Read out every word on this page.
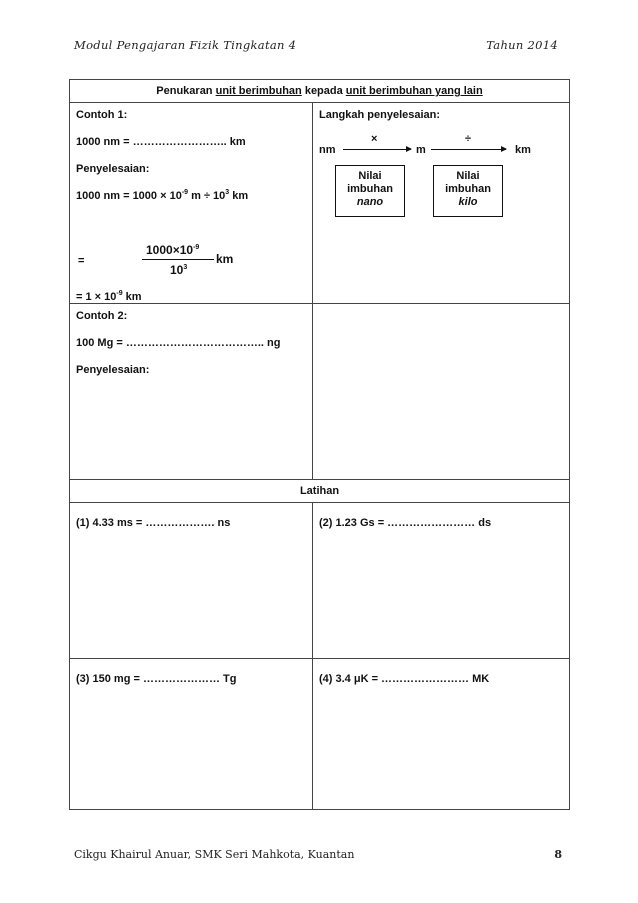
Modul Pengajaran Fizik Tingkatan 4	Tahun 2014
Penukaran unit berimbuhan kepada unit berimbuhan yang lain
Contoh 1:
1000 nm = …………………….. km
Penyelesaian:
1000 nm = $1000 \times 10^{-9}$ $m \div 10^3$ km
=
$1000\times 10^{-9}$
$10^3$
km
= $1 \times 10^{-9}$ km
Langkah penyelesaian:
nm
×
m
÷
km
Nilai
imbuhan
nano
Nilai
imbuhan
kilo
Contoh 2:
100 Mg = ……………………………….. ng
Penyelesaian:
Latihan
(1) 4.33 ms = ………………. ns	(2) 1.23 Gs = …………………… ds
(3) 150 mg = ………………… Tg	(4) 3.4 μK = …………………… MK
Cikgu Khairul Anuar, SMK Seri Mahkota, Kuantan	8
